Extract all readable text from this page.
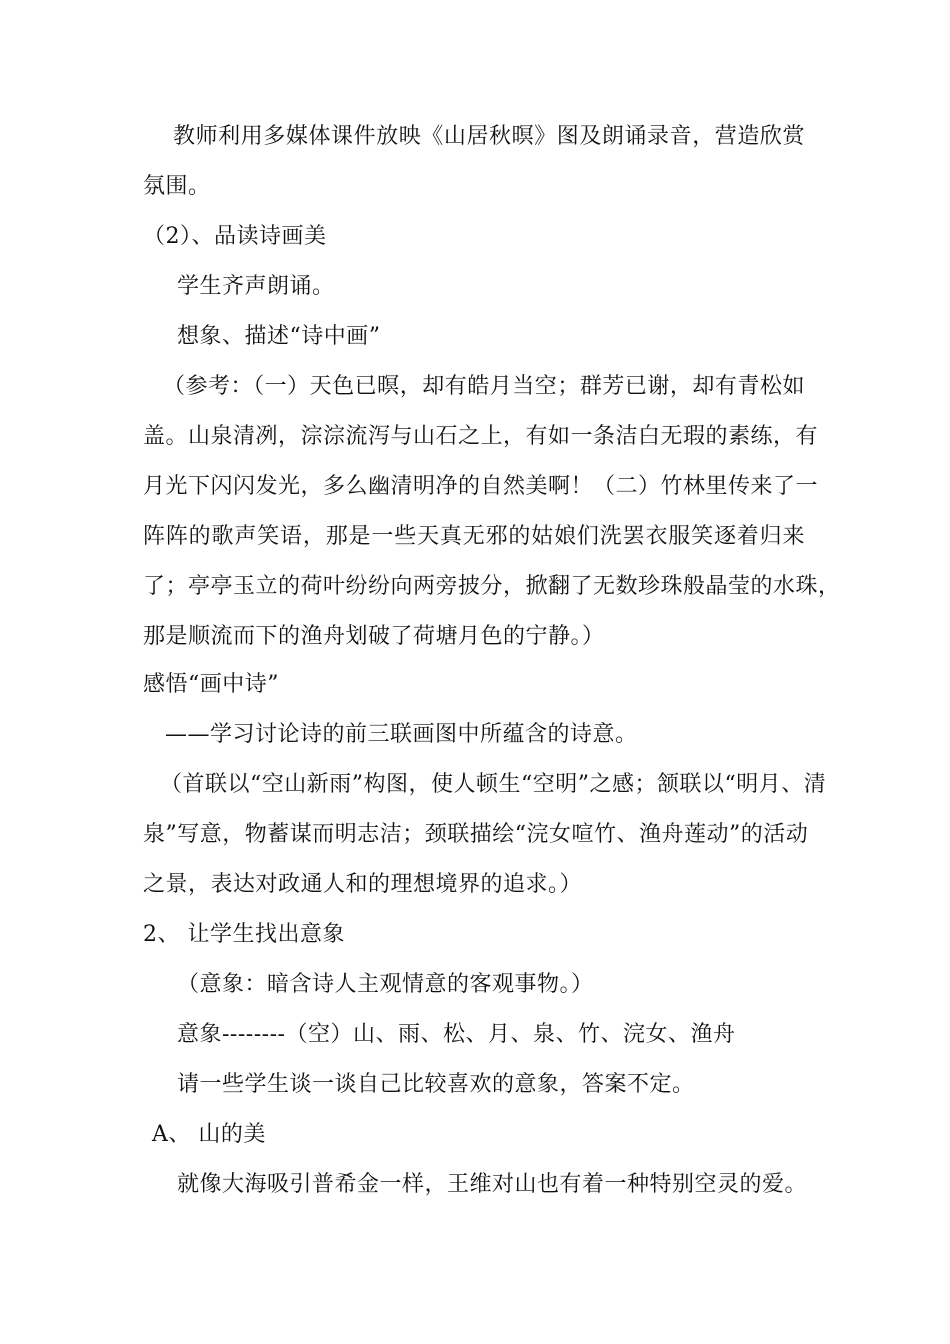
教师利用多媒体课件放映《山居秋暝》图及朗诵录音，营造欣赏
氛围。
（2）、品读诗画美
学生齐声朗诵。
想象、描述“诗中画”
（参考：（一）天色已暝，却有皓月当空；群芳已谢，却有青松如
盖。山泉清冽，淙淙流泻与山石之上，有如一条洁白无瑕的素练，有
月光下闪闪发光，多么幽清明净的自然美啊！（二）竹林里传来了一
阵阵的歌声笑语，那是一些天真无邪的姑娘们洗罢衣服笑逐着归来
了；亭亭玉立的荷叶纷纷向两旁披分，掀翻了无数珍珠般晶莹的水珠，
那是顺流而下的渔舟划破了荷塘月色的宁静。）
感悟“画中诗”
——学习讨论诗的前三联画图中所蕴含的诗意。
（首联以“空山新雨”构图，使人顿生“空明”之感；颔联以“明月、清
泉”写意，物蓄谋而明志洁；颈联描绘“浣女喧竹、渔舟莲动”的活动
之景，表达对政通人和的理想境界的追求。）
2、 让学生找出意象
（意象：暗含诗人主观情意的客观事物。）
意象--------（空）山、雨、松、月、泉、竹、浣女、渔舟
请一些学生谈一谈自己比较喜欢的意象，答案不定。
A、 山的美
就像大海吸引普希金一样，王维对山也有着一种特别空灵的爱。
